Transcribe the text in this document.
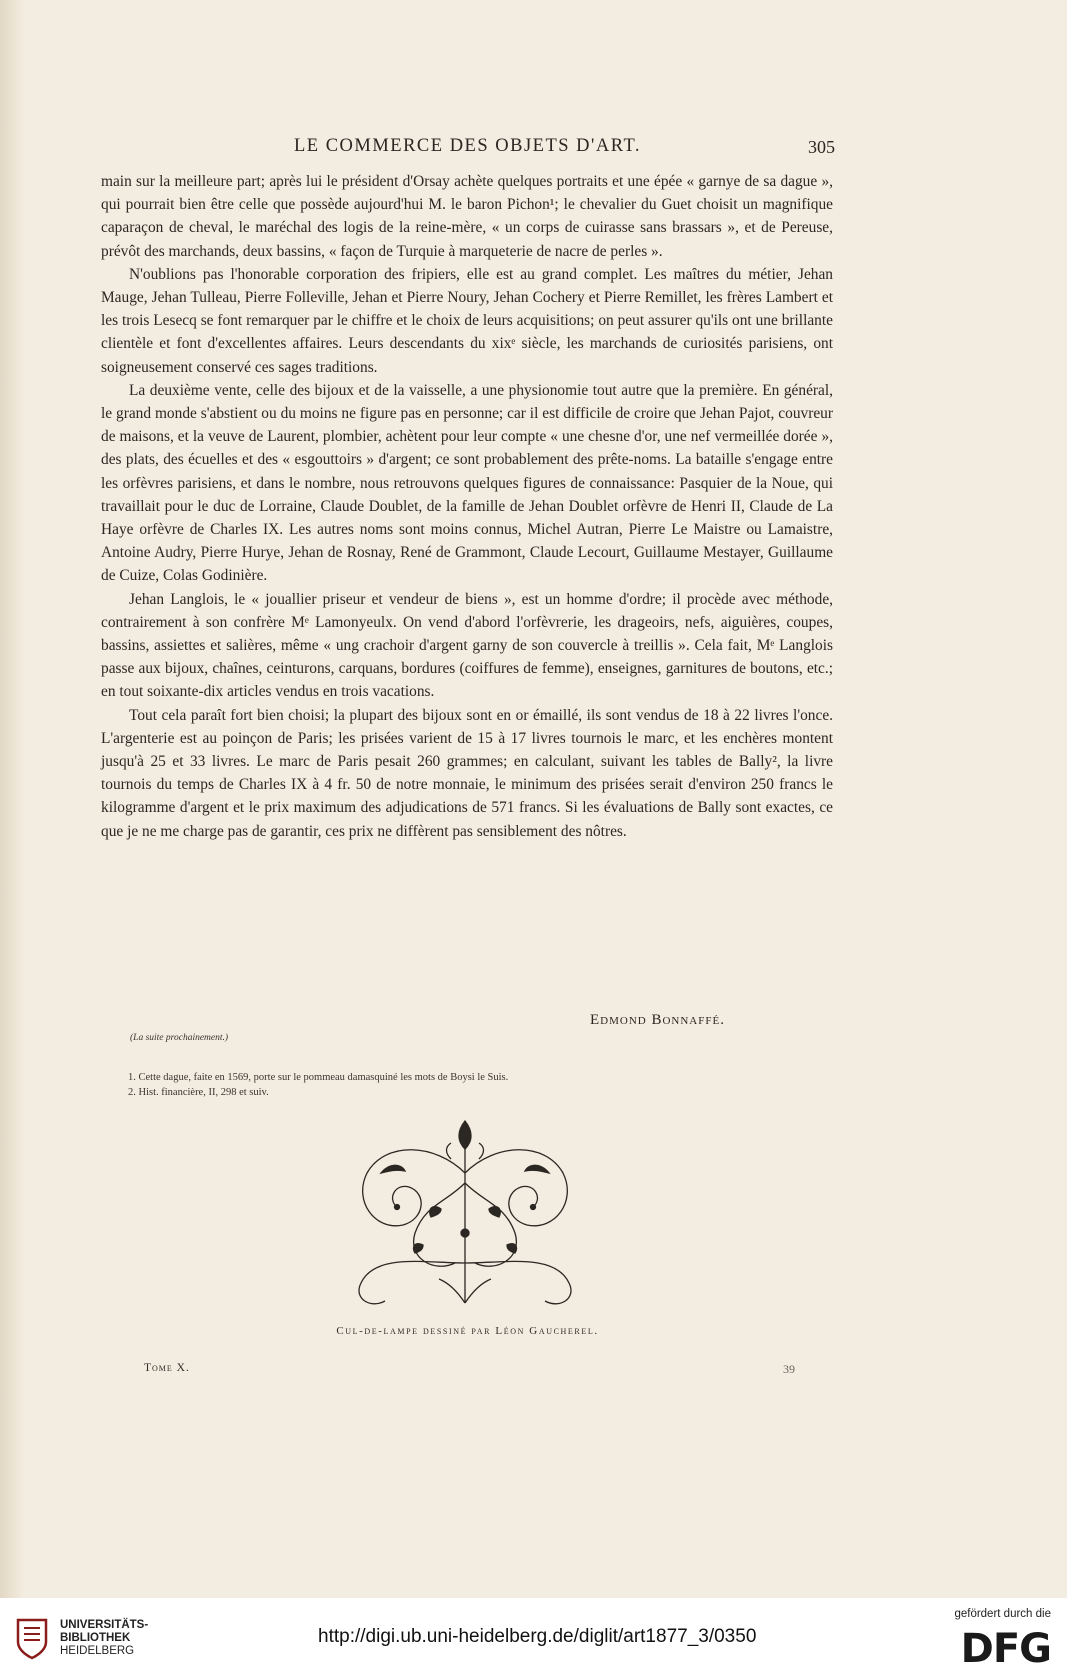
LE COMMERCE DES OBJETS D'ART.	305

main sur la meilleure part; après lui le président d'Orsay achète quelques portraits et une épée « garnye de sa dague », qui pourrait bien être celle que possède aujourd'hui M. le baron Pichon¹; le chevalier du Guet choisit un magnifique caparaçon de cheval, le maréchal des logis de la reine-mère, « un corps de cuirasse sans brassars », et de Pereuse, prévôt des marchands, deux bassins, « façon de Turquie à marqueterie de nacre de perles ».

N'oublions pas l'honorable corporation des fripiers, elle est au grand complet. Les maîtres du métier, Jehan Mauge, Jehan Tulleau, Pierre Folleville, Jehan et Pierre Noury, Jehan Cochery et Pierre Remillet, les frères Lambert et les trois Lesecq se font remarquer par le chiffre et le choix de leurs acquisitions; on peut assurer qu'ils ont une brillante clientèle et font d'excellentes affaires. Leurs descendants du xixᵉ siècle, les marchands de curiosités parisiens, ont soigneusement conservé ces sages traditions.

La deuxième vente, celle des bijoux et de la vaisselle, a une physionomie tout autre que la première. En général, le grand monde s'abstient ou du moins ne figure pas en personne; car il est difficile de croire que Jehan Pajot, couvreur de maisons, et la veuve de Laurent, plombier, achètent pour leur compte « une chesne d'or, une nef vermeillée dorée », des plats, des écuelles et des « esgouttoirs » d'argent; ce sont probablement des prête-noms. La bataille s'engage entre les orfèvres parisiens, et dans le nombre, nous retrouvons quelques figures de connaissance: Pasquier de la Noue, qui travaillait pour le duc de Lorraine, Claude Doublet, de la famille de Jehan Doublet orfèvre de Henri II, Claude de La Haye orfèvre de Charles IX. Les autres noms sont moins connus, Michel Autran, Pierre Le Maistre ou Lamaistre, Antoine Audry, Pierre Hurye, Jehan de Rosnay, René de Grammont, Claude Lecourt, Guillaume Mestayer, Guillaume de Cuize, Colas Godinière.

Jehan Langlois, le « jouallier priseur et vendeur de biens », est un homme d'ordre; il procède avec méthode, contrairement à son confrère Mᵉ Lamonyeulx. On vend d'abord l'orfèvrerie, les drageoirs, nefs, aiguières, coupes, bassins, assiettes et salières, même « ung crachoir d'argent garny de son couvercle à treillis ». Cela fait, Mᵉ Langlois passe aux bijoux, chaînes, ceinturons, carquans, bordures (coiffures de femme), enseignes, garnitures de boutons, etc.; en tout soixante-dix articles vendus en trois vacations.

Tout cela paraît fort bien choisi; la plupart des bijoux sont en or émaillé, ils sont vendus de 18 à 22 livres l'once. L'argenterie est au poinçon de Paris; les prisées varient de 15 à 17 livres tournois le marc, et les enchères montent jusqu'à 25 et 33 livres. Le marc de Paris pesait 260 grammes; en calculant, suivant les tables de Bally², la livre tournois du temps de Charles IX à 4 fr. 50 de notre monnaie, le minimum des prisées serait d'environ 250 francs le kilogramme d'argent et le prix maximum des adjudications de 571 francs. Si les évaluations de Bally sont exactes, ce que je ne me charge pas de garantir, ces prix ne diffèrent pas sensiblement des nôtres.

Edmond Bonnaffé.
(La suite prochainement.)
1. Cette dague, faite en 1569, porte sur le pommeau damasquiné les mots de Boysi le Suis.
2. Hist. financière, II, 298 et suiv.
Cul-de-lampe dessiné par Léon Gaucherel.
Tome X.	39
UNIVERSITÄTS-
BIBLIOTHEK
HEIDELBERG
http://digi.ub.uni-heidelberg.de/diglit/art1877_3/0350
gefördert durch die
DFG
